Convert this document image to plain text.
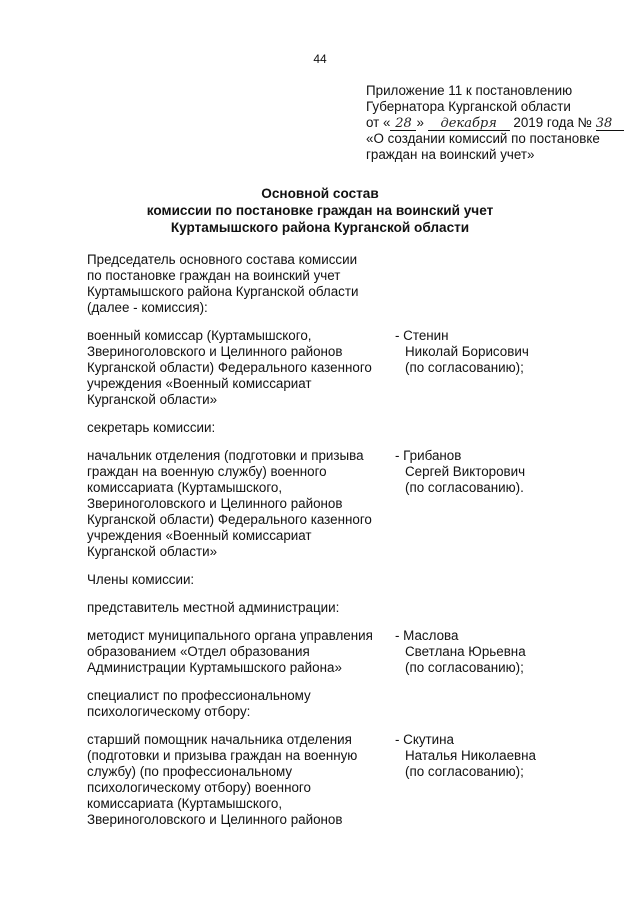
44
Приложение 11 к постановлению
Губернатора Курганской области
от « 28 » декабря 2019 года № 38
«О создании комиссий по постановке
граждан на воинский учет»
Основной состав
комиссии по постановке граждан на воинский учет
Куртамышского района Курганской области
Председатель основного состава комиссии
по постановке граждан на воинский учет
Куртамышского района Курганской области
(далее - комиссия):
военный комиссар (Куртамышского,
Звериноголовского и Целинного районов
Курганской области) Федерального казенного
учреждения «Военный комиссариат
Курганской области»
- Стенин
Николай Борисович
(по согласованию);
секретарь комиссии:
начальник отделения (подготовки и призыва
граждан на военную службу) военного
комиссариата (Куртамышского,
Звериноголовского и Целинного районов
Курганской области) Федерального казенного
учреждения «Военный комиссариат
Курганской области»
- Грибанов
Сергей Викторович
(по согласованию).
Члены комиссии:
представитель местной администрации:
методист муниципального органа управления
образованием «Отдел образования
Администрации Куртамышского района»
- Маслова
Светлана Юрьевна
(по согласованию);
специалист по профессиональному
психологическому отбору:
старший помощник начальника отделения
(подготовки и призыва граждан на военную
службу) (по профессиональному
психологическому отбору) военного
комиссариата (Куртамышского,
Звериноголовского и Целинного районов
- Скутина
Наталья Николаевна
(по согласованию);
